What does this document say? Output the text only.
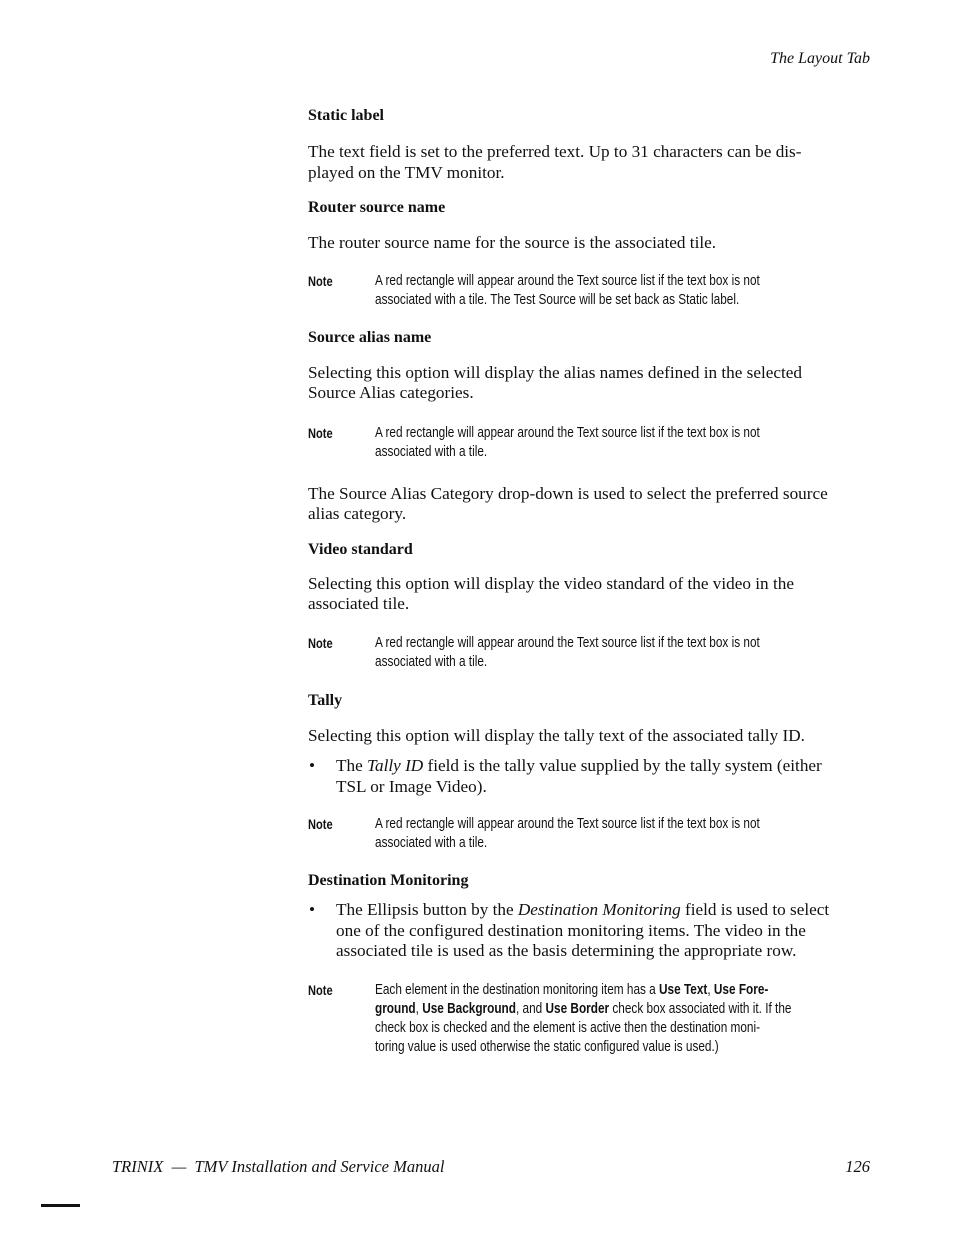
The Layout Tab
Static label

The text field is set to the preferred text. Up to 31 characters can be dis-
played on the TMV monitor.

Router source name

The router source name for the source is the associated tile.

Note	A red rectangle will appear around the Text source list if the text box is not
associated with a tile. The Test Source will be set back as Static label.
Source alias name

Selecting this option will display the alias names defined in the selected
Source Alias categories.

Note	A red rectangle will appear around the Text source list if the text box is not
associated with a tile.

The Source Alias Category drop-down is used to select the preferred source
alias category.

Video standard

Selecting this option will display the video standard of the video in the
associated tile.

Note	A red rectangle will appear around the Text source list if the text box is not
associated with a tile.
Tally

Selecting this option will display the tally text of the associated tally ID.

• The Tally ID field is the tally value supplied by the tally system (either
TSL or Image Video).

Note	A red rectangle will appear around the Text source list if the text box is not
associated with a tile.
Destination Monitoring

• The Ellipsis button by the Destination Monitoring field is used to select
one of the configured destination monitoring items. The video in the
associated tile is used as the basis determining the appropriate row.

Note	Each element in the destination monitoring item has a Use Text, Use Fore-
ground, Use Background, and Use Border check box associated with it. If the
check box is checked and the element is active then the destination moni-
toring value is used otherwise the static configured value is used.)
TRINIX  —  TMV Installation and Service Manual	126
